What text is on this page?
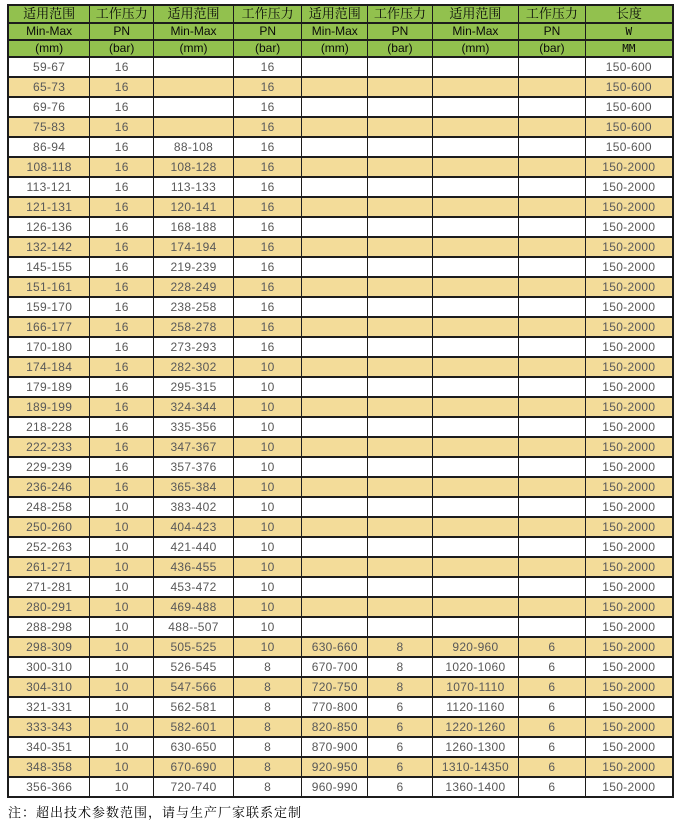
适用范围	工作压力	适用范围	工作压力	适用范围	工作压力	适用范围	工作压力	长度
Min-Max	PN	Min-Max	PN	Min-Max	PN	Min-Max	PN	W
(mm)	(bar)	(mm)	(bar)	(mm)	(bar)	(mm)	(bar)	MM
59-67	16		16					150-600
65-73	16		16					150-600
69-76	16		16					150-600
75-83	16		16					150-600
86-94	16	88-108	16					150-600
108-118	16	108-128	16					150-2000
113-121	16	113-133	16					150-2000
121-131	16	120-141	16					150-2000
126-136	16	168-188	16					150-2000
132-142	16	174-194	16					150-2000
145-155	16	219-239	16					150-2000
151-161	16	228-249	16					150-2000
159-170	16	238-258	16					150-2000
166-177	16	258-278	16					150-2000
170-180	16	273-293	16					150-2000
174-184	16	282-302	10					150-2000
179-189	16	295-315	10					150-2000
189-199	16	324-344	10					150-2000
218-228	16	335-356	10					150-2000
222-233	16	347-367	10					150-2000
229-239	16	357-376	10					150-2000
236-246	16	365-384	10					150-2000
248-258	10	383-402	10					150-2000
250-260	10	404-423	10					150-2000
252-263	10	421-440	10					150-2000
261-271	10	436-455	10					150-2000
271-281	10	453-472	10					150-2000
280-291	10	469-488	10					150-2000
288-298	10	488--507	10					150-2000
298-309	10	505-525	10	630-660	8	920-960	6	150-2000
300-310	10	526-545	8	670-700	8	1020-1060	6	150-2000
304-310	10	547-566	8	720-750	8	1070-1110	6	150-2000
321-331	10	562-581	8	770-800	6	1120-1160	6	150-2000
333-343	10	582-601	8	820-850	6	1220-1260	6	150-2000
340-351	10	630-650	8	870-900	6	1260-1300	6	150-2000
348-358	10	670-690	8	920-950	6	1310-14350	6	150-2000
356-366	10	720-740	8	960-990	6	1360-1400	6	150-2000
注：超出技术参数范围，请与生产厂家联系定制
